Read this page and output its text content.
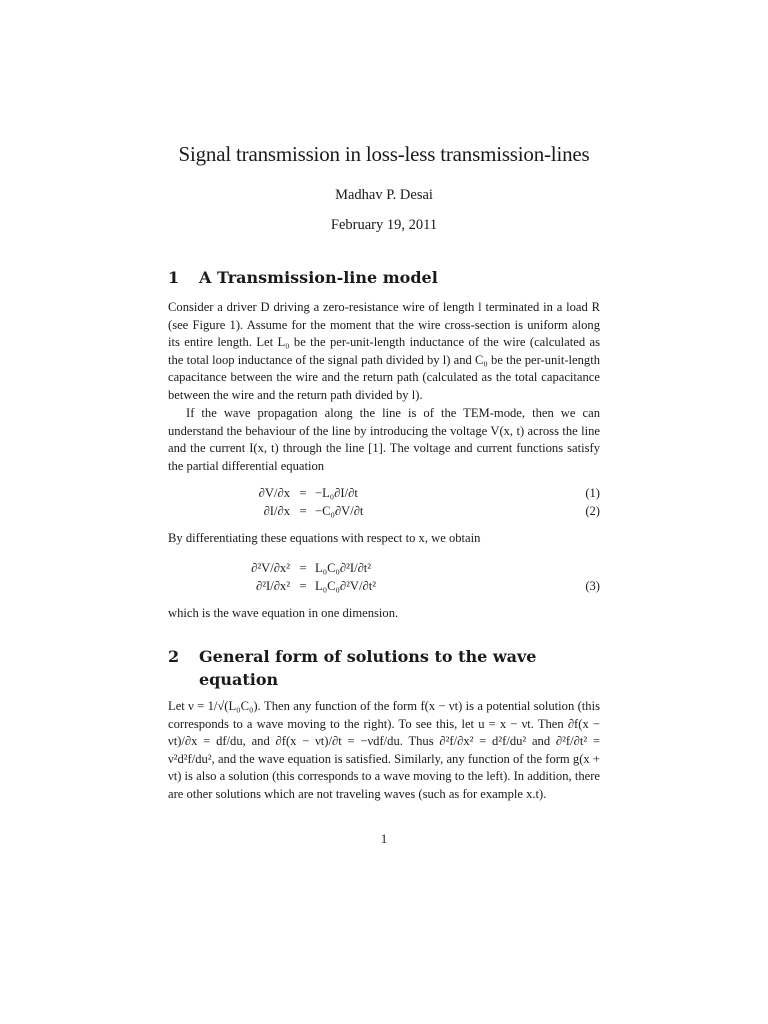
Signal transmission in loss-less transmission-lines
Madhav P. Desai
February 19, 2011
1 A Transmission-line model
Consider a driver D driving a zero-resistance wire of length l terminated in a load R (see Figure 1). Assume for the moment that the wire cross-section is uniform along its entire length. Let L₀ be the per-unit-length inductance of the wire (calculated as the total loop inductance of the signal path divided by l) and C₀ be the per-unit-length capacitance between the wire and the return path (calculated as the total capacitance between the wire and the return path divided by l).
If the wave propagation along the line is of the TEM-mode, then we can understand the behaviour of the line by introducing the voltage V(x, t) across the line and the current I(x, t) through the line [1]. The voltage and current functions satisfy the partial differential equation
∂V/∂x = −L₀∂I/∂t	(1)
∂I/∂x = −C₀∂V/∂t	(2)
By differentiating these equations with respect to x, we obtain
∂²V/∂x² = L₀C₀∂²I/∂t²
∂²I/∂x² = L₀C₀∂²V/∂t²	(3)
which is the wave equation in one dimension.
2 General form of solutions to the wave equation
Let ν = 1/√(L₀C₀). Then any function of the form f(x − νt) is a potential solution (this corresponds to a wave moving to the right). To see this, let u = x − νt. Then ∂f(x − νt)/∂x = df/du, and ∂f(x − νt)/∂t = −νdf/du. Thus ∂²f/∂x² = d²f/du² and ∂²f/∂t² = ν²d²f/du², and the wave equation is satisfied. Similarly, any function of the form g(x + νt) is also a solution (this corresponds to a wave moving to the left). In addition, there are other solutions which are not traveling waves (such as for example x.t).
1
